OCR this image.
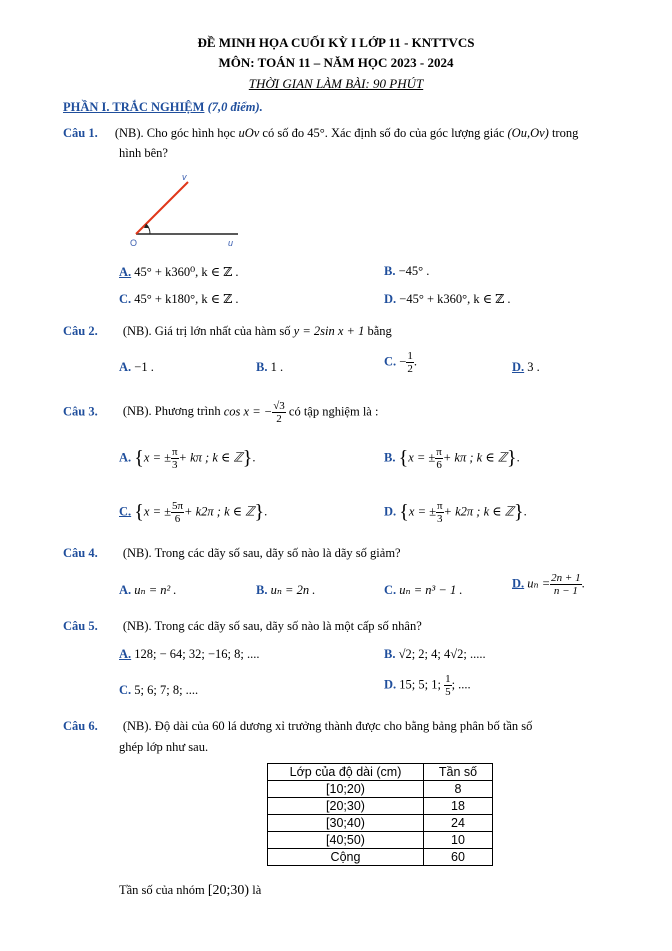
ĐỀ MINH HỌA CUỐI KỲ I LỚP 11 - KNTTVCS
MÔN: TOÁN 11 – NĂM HỌC 2023 - 2024
THỜI GIAN LÀM BÀI: 90 PHÚT
PHẦN I. TRẮC NGHIỆM (7,0 điểm).
Câu 1. (NB). Cho góc hình học uOv có số đo 45°. Xác định số đo của góc lượng giác (Ou,Ov) trong
hình bên?
v
O	u
A. 45° + k360⁰, k ∈ ℤ .	B. −45° .
C. 45° + k180°, k ∈ ℤ .	D. −45° + k360°, k ∈ ℤ .
Câu 2. (NB). Giá trị lớn nhất của hàm số y = 2sin x + 1 bằng
A. −1 .	B. 1 .	C. − $\frac{1}{2}$ .	D. 3 .
Câu 3. (NB). Phương trình cos x = − $\frac{√3}{2}$ có tập nghiệm là :
A. {x = ± $\frac{\pi}{3} + k\pi$ ; k ∈ ℤ}.	B. {x = ± $\frac{\pi}{6} + k\pi$ ; k ∈ ℤ}.
C. {x = ± $\frac{5\pi}{6} + k2\pi$ ; k ∈ ℤ}.	D. {x = ± $\frac{\pi}{3} + k2\pi$ ; k ∈ ℤ}.
Câu 4. (NB). Trong các dãy số sau, dãy số nào là dãy số giảm?
A. uₙ = n² .	B. uₙ = 2n .	C. uₙ = n³ − 1 .	D. $u_n = \frac{2n + 1}{n - 1}$ .
Câu 5. (NB). Trong các dãy số sau, dãy số nào là một cấp số nhân?
A. 128; − 64; 32; −16; 8; ....	B. √2; 2; 4; 4√2; .....
C. 5; 6; 7; 8; ....	D. 15; 5; 1; $\frac{1}{5}$ ; ....
Câu 6. (NB). Độ dài của 60 lá dương xỉ trưởng thành được cho bằng bảng phân bố tần số
ghép lớp như sau.
Lớp của độ dài (cm)	Tần số
[10;20)	8
[20;30)	18
[30;40)	24
[40;50)	10
Cộng	60
Tần số của nhóm [20;30) là
